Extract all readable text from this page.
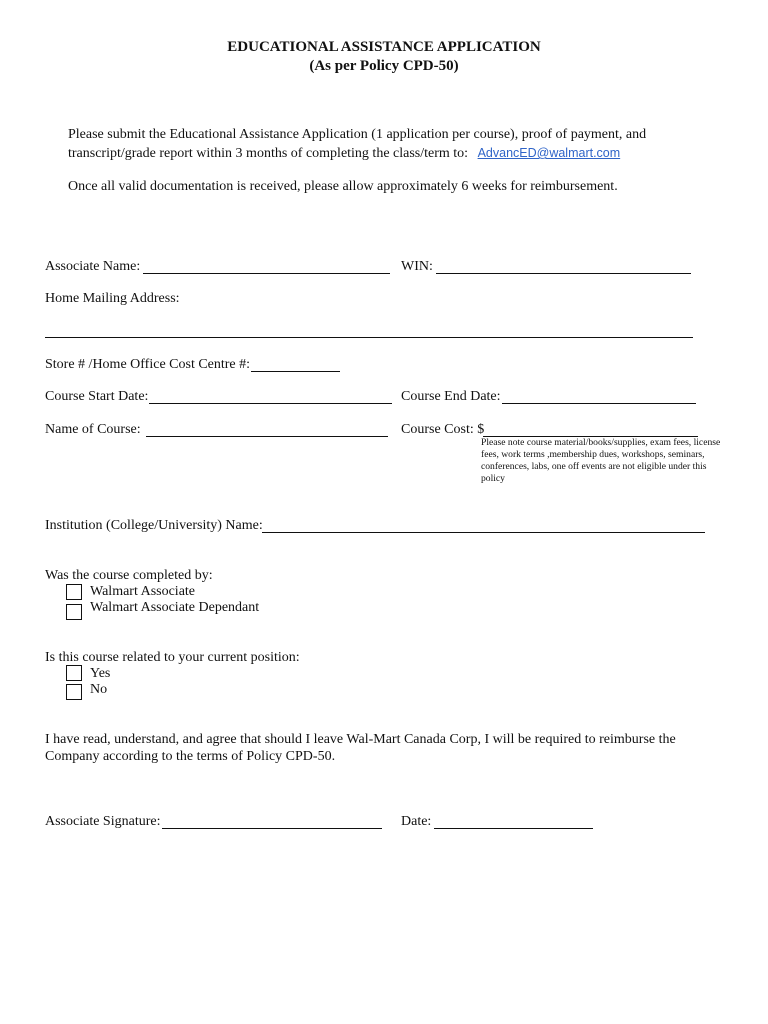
EDUCATIONAL ASSISTANCE APPLICATION
(As per Policy CPD-50)
Please submit the Educational Assistance Application (1 application per course), proof of payment, and
transcript/grade report within 3 months of completing the class/term to: AdvancED@walmart.com
Once all valid documentation is received, please allow approximately 6 weeks for reimbursement.
Associate Name:	WIN:
Home Mailing Address:
Store # /Home Office Cost Centre #:
Course Start Date:	Course End Date:
Name of Course:	Course Cost: $
Please note course material/books/supplies, exam fees, license fees, work terms ,membership dues, workshops, seminars, conferences, labs, one off events are not eligible under this policy
Institution (College/University) Name:
Was the course completed by:
Walmart Associate
Walmart Associate Dependant
Is this course related to your current position:
Yes
No
I have read, understand, and agree that should I leave Wal-Mart Canada Corp, I will be required to reimburse the
Company according to the terms of Policy CPD-50.
Associate Signature:	Date:
